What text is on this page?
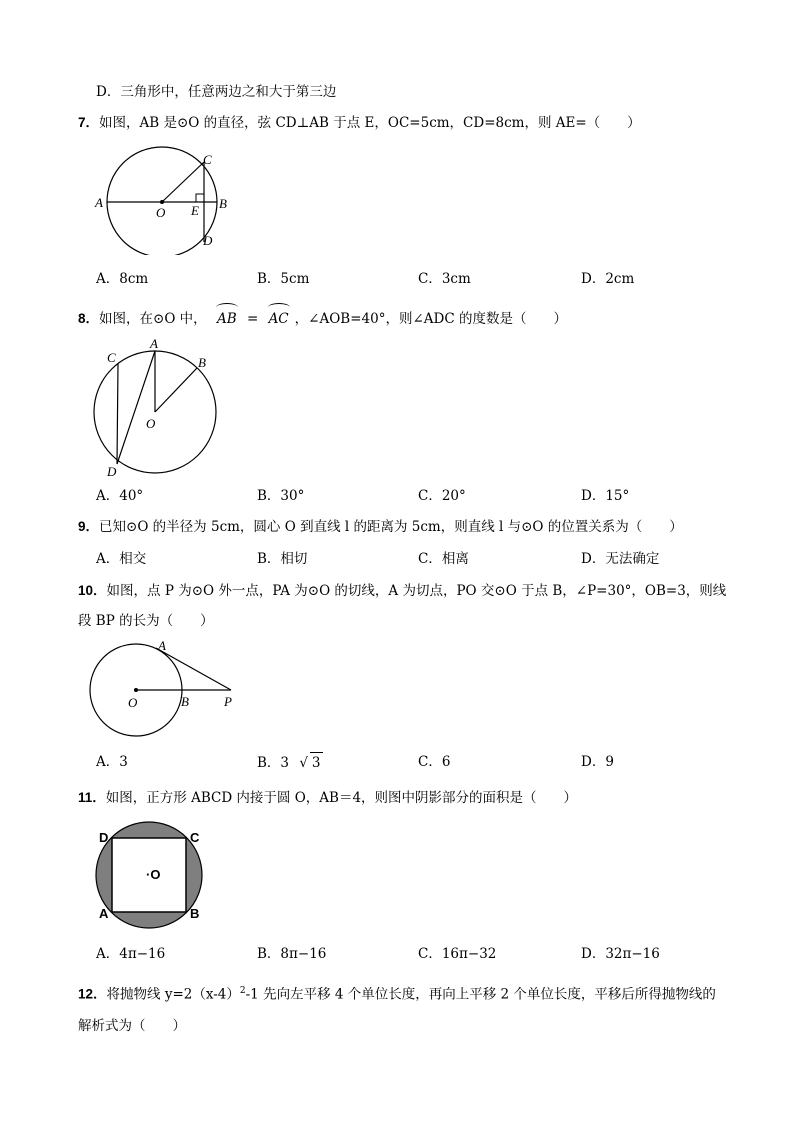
D．三角形中，任意两边之和大于第三边
7．如图，AB 是⊙O 的直径，弦 CD⊥AB 于点 E，OC=5cm，CD=8cm，则 AE=（　　）
A
O E B
C
D
A．8cm	B．5cm	C．3cm	D．2cm
8．如图，在⊙O 中， AB = AC ，∠AOB=40°，则∠ADC 的度数是（　　）
C
A
B
O
D
A．40°	B．30°	C．20°	D．15°
9．已知⊙O 的半径为 5cm，圆心 O 到直线 l 的距离为 5cm，则直线 l 与⊙O 的位置关系为（　　）
A．相交	B．相切	C．相离	D．无法确定
10．如图，点 P 为⊙O 外一点，PA 为⊙O 的切线，A 为切点，PO 交⊙O 于点 B，∠P=30°，OB=3，则线
段 BP 的长为（　　）
A
O	B	P
A．3	B．3 √ 3	C．6	D．9
11．如图，正方形 ABCD 内接于圆 O，AB＝4，则图中阴影部分的面积是（　　）
D	C
·O
A	B
A．4π−16	B．8π−16	C．16π−32	D．32π−16
12．将抛物线 $y=2(x-4)^2-1$ 先向左平移 4 个单位长度，再向上平移 2 个单位长度，平移后所得抛物线的
解析式为（　　）
